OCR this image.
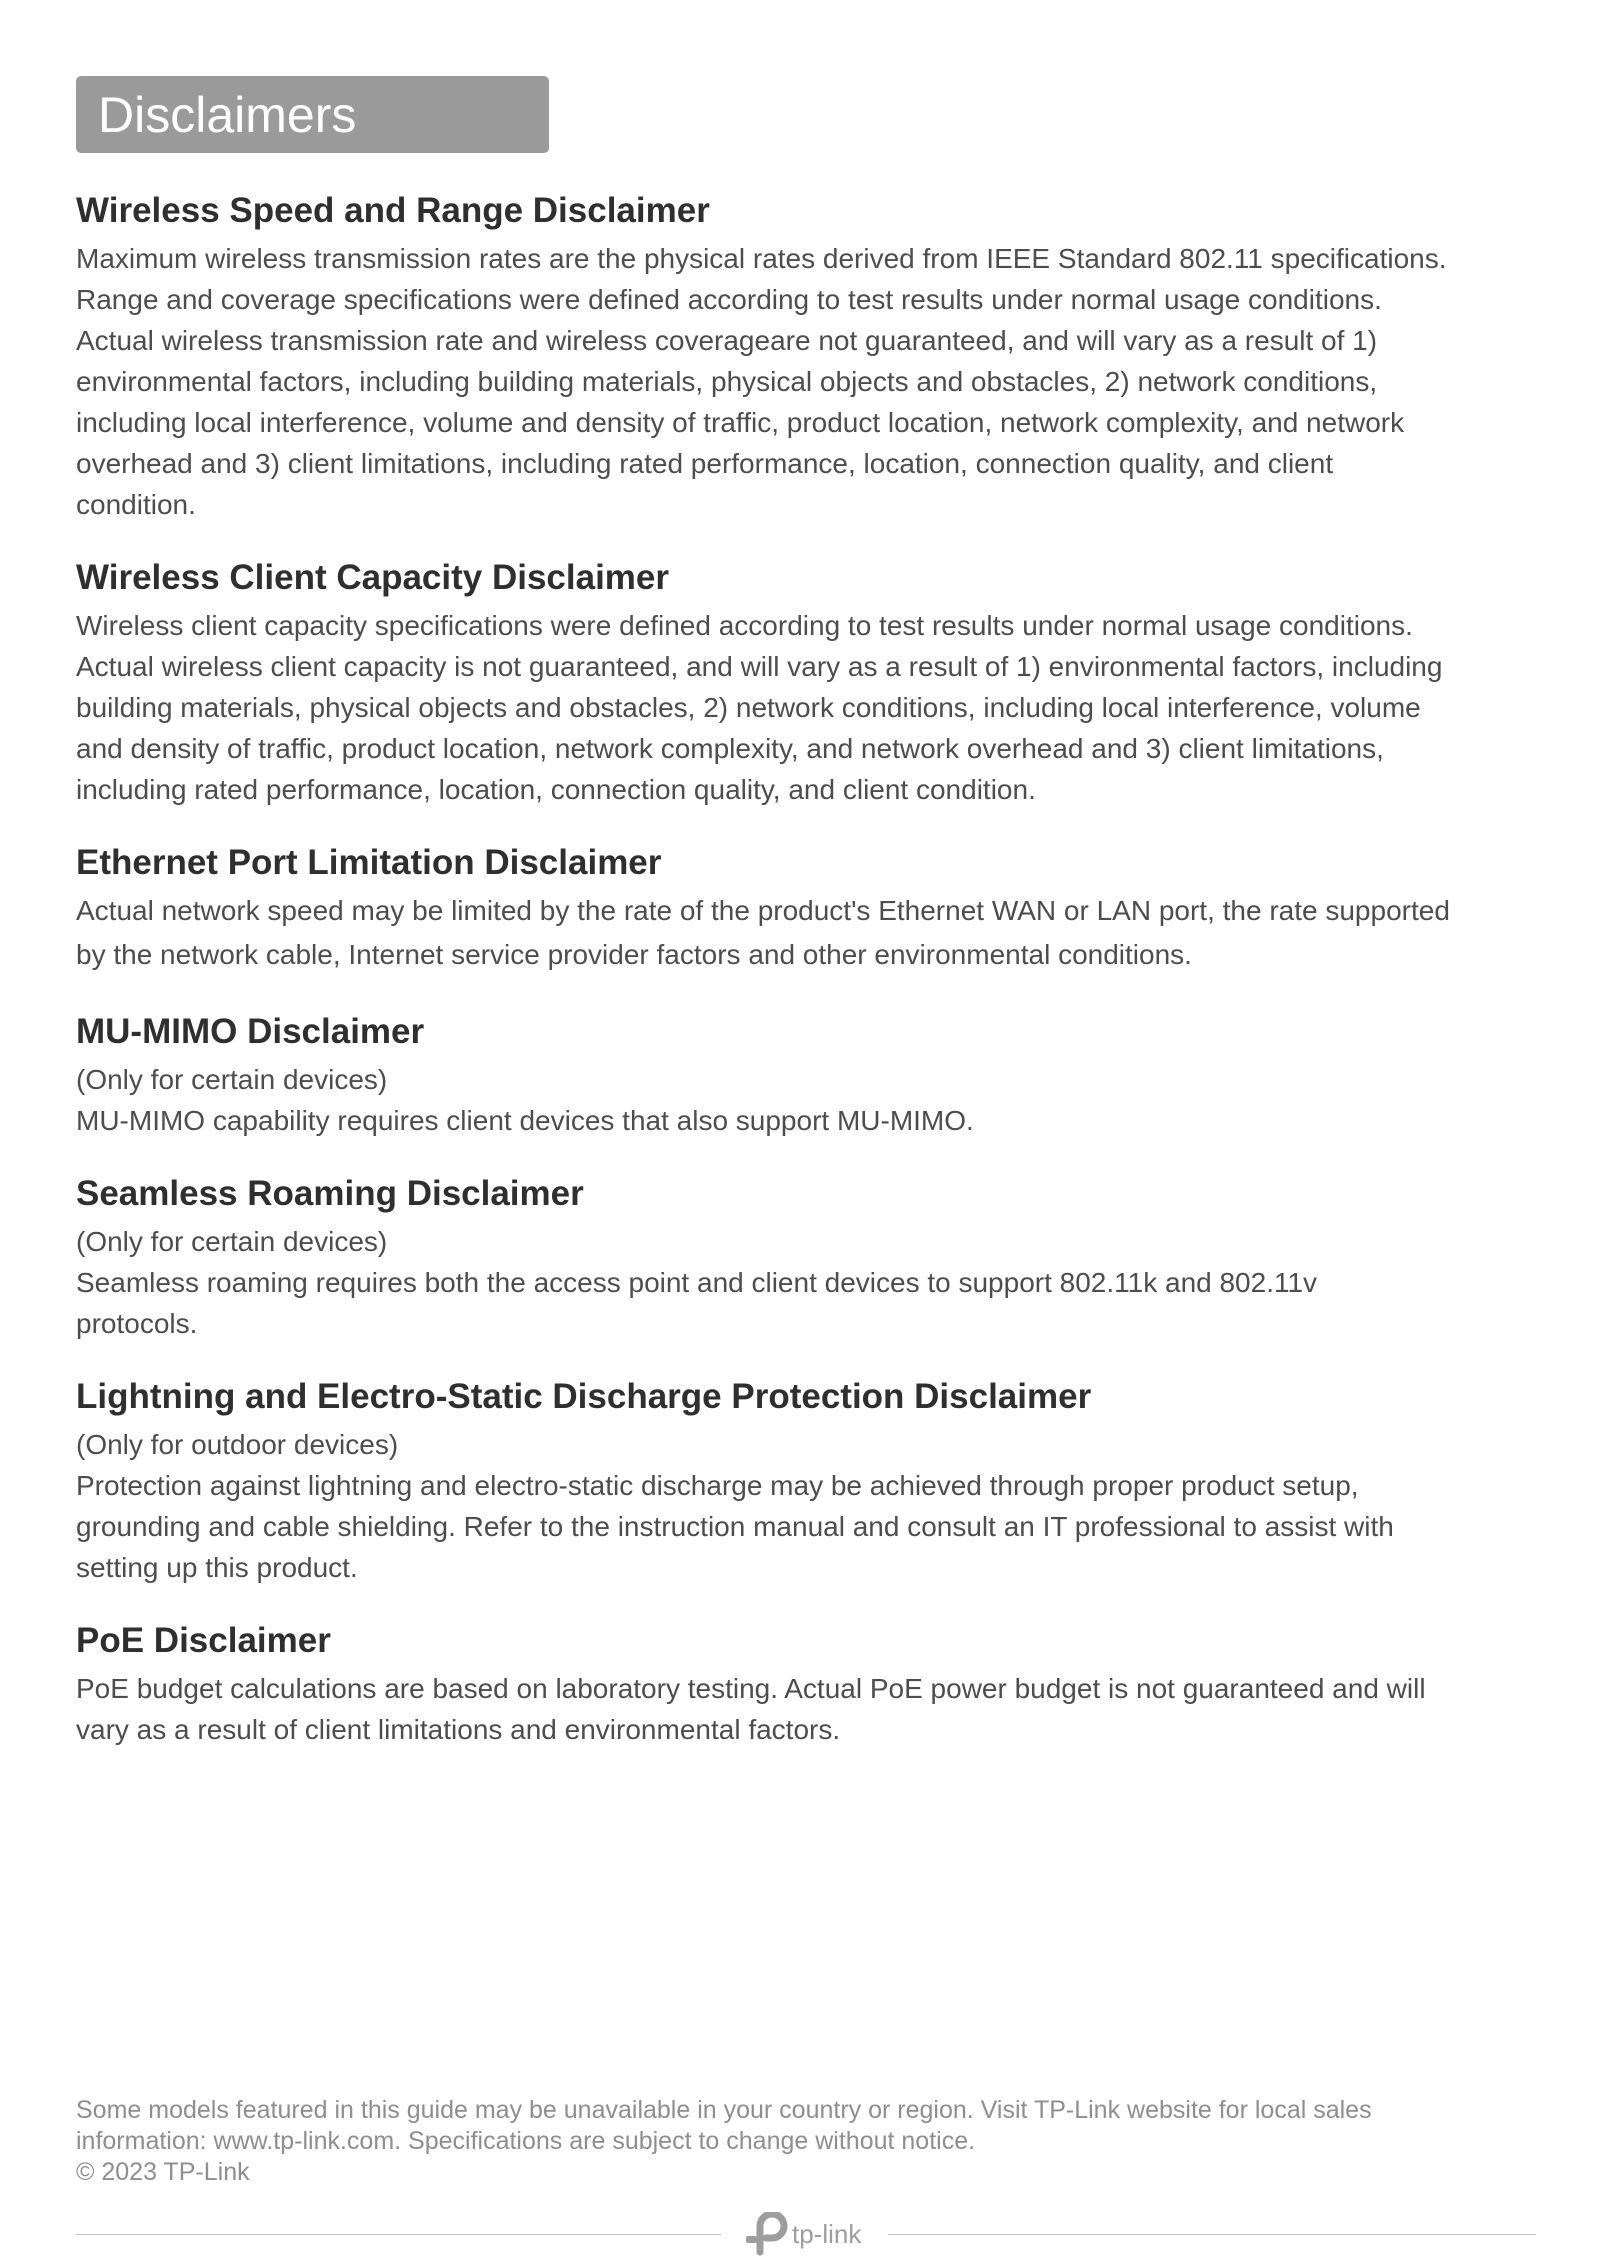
Disclaimers
Wireless Speed and Range Disclaimer
Maximum wireless transmission rates are the physical rates derived from IEEE Standard 802.11 specifications.
Range and coverage specifications were defined according to test results under normal usage conditions.
Actual wireless transmission rate and wireless coverageare not guaranteed, and will vary as a result of 1)
environmental factors, including building materials, physical objects and obstacles, 2) network conditions,
including local interference, volume and density of traffic, product location, network complexity, and network
overhead and 3) client limitations, including rated performance, location, connection quality, and client
condition.
Wireless Client Capacity Disclaimer
Wireless client capacity specifications were defined according to test results under normal usage conditions.
Actual wireless client capacity is not guaranteed, and will vary as a result of 1) environmental factors, including
building materials, physical objects and obstacles, 2) network conditions, including local interference, volume
and density of traffic, product location, network complexity, and network overhead and 3) client limitations,
including rated performance, location, connection quality, and client condition.
Ethernet Port Limitation Disclaimer
Actual network speed may be limited by the rate of the product's Ethernet WAN or LAN port, the rate supported
by the network cable, Internet service provider factors and other environmental conditions.
MU-MIMO Disclaimer
(Only for certain devices)
MU-MIMO capability requires client devices that also support MU-MIMO.
Seamless Roaming Disclaimer
(Only for certain devices)
Seamless roaming requires both the access point and client devices to support 802.11k and 802.11v
protocols.
Lightning and Electro-Static Discharge Protection Disclaimer
(Only for outdoor devices)
Protection against lightning and electro-static discharge may be achieved through proper product setup,
grounding and cable shielding. Refer to the instruction manual and consult an IT professional to assist with
setting up this product.
PoE Disclaimer
PoE budget calculations are based on laboratory testing. Actual PoE power budget is not guaranteed and will
vary as a result of client limitations and environmental factors.
Some models featured in this guide may be unavailable in your country or region. Visit TP-Link website for local sales
information: www.tp-link.com. Specifications are subject to change without notice.
© 2023 TP-Link
tp-link
